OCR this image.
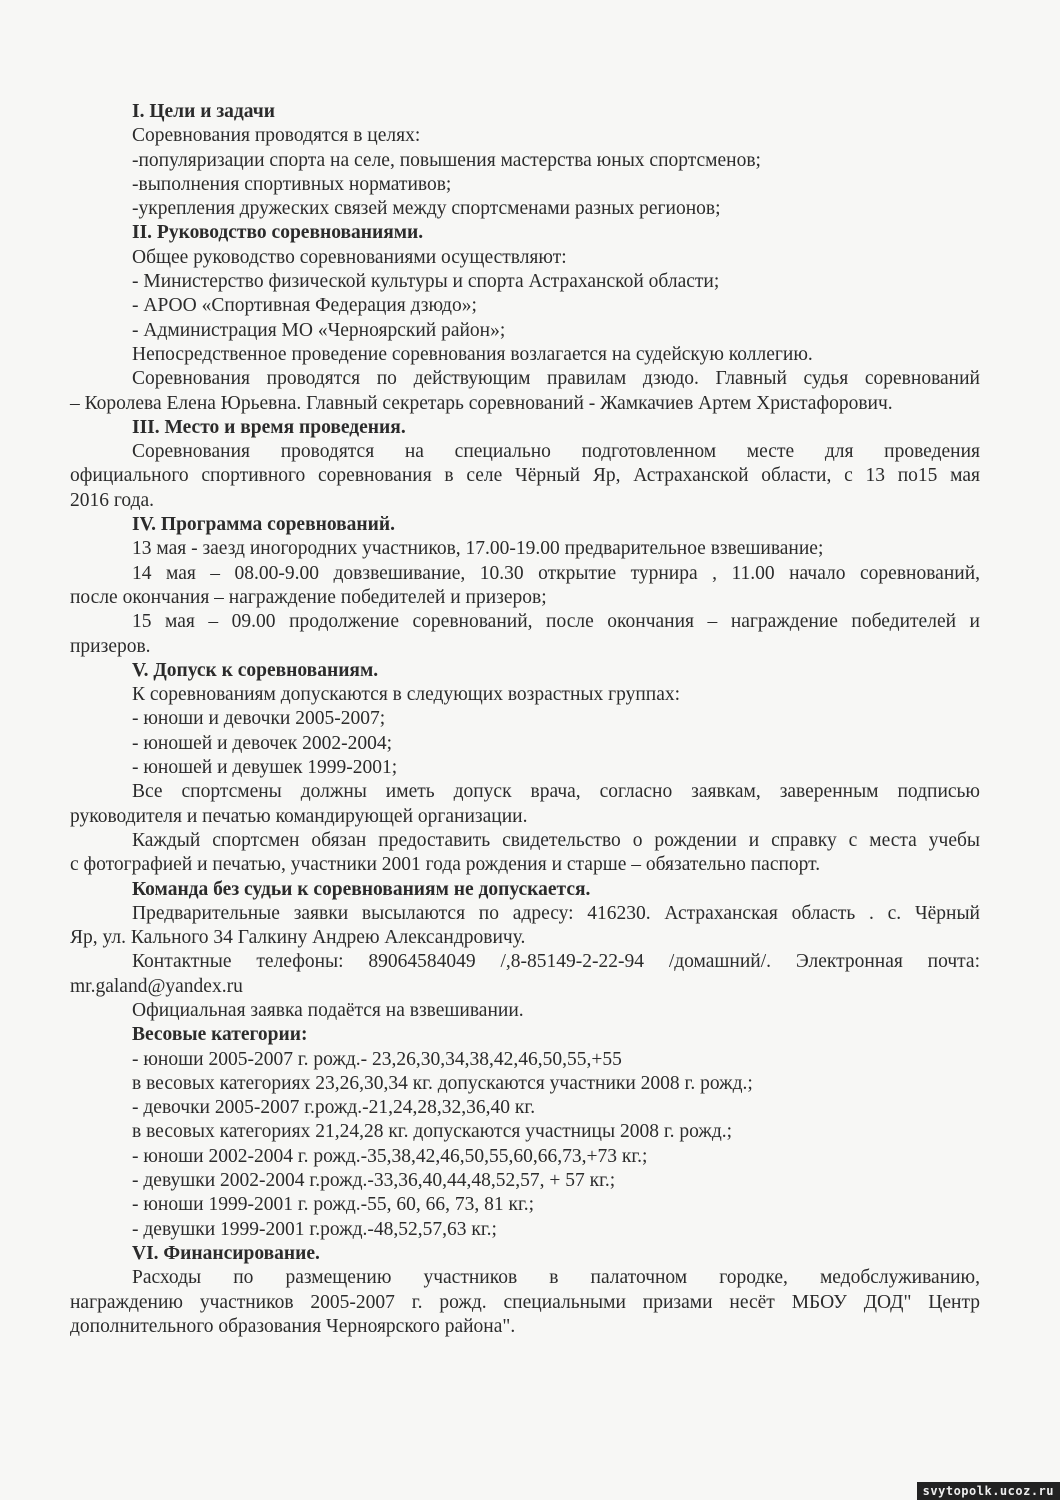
I. Цели и задачи
Соревнования проводятся в целях:
-популяризации спорта на селе, повышения мастерства юных спортсменов;
-выполнения спортивных нормативов;
-укрепления дружеских связей между спортсменами разных регионов;
II. Руководство соревнованиями.
Общее руководство соревнованиями осуществляют:
- Министерство физической культуры и спорта Астраханской области;
- АРОО «Спортивная Федерация дзюдо»;
- Администрация МО «Черноярский район»;
Непосредственное проведение соревнования возлагается на судейскую коллегию.
Соревнования проводятся по действующим правилам дзюдо. Главный судья соревнований
– Королева Елена Юрьевна. Главный секретарь соревнований - Жамкачиев Артем Христафорович.
III. Место и время проведения.
Соревнования проводятся на специально подготовленном месте для проведения
официального спортивного соревнования в селе Чёрный Яр, Астраханской области, с 13 по15 мая
2016 года.
IV. Программа соревнований.
13 мая - заезд иногородних участников, 17.00-19.00 предварительное взвешивание;
14 мая – 08.00-9.00 довзвешивание, 10.30 открытие турнира , 11.00 начало соревнований,
после окончания – награждение победителей и призеров;
15 мая – 09.00 продолжение соревнований, после окончания – награждение победителей и
призеров.
V. Допуск к соревнованиям.
К соревнованиям допускаются в следующих возрастных группах:
- юноши и девочки 2005-2007;
- юношей и девочек 2002-2004;
- юношей и девушек 1999-2001;
Все спортсмены должны иметь допуск врача, согласно заявкам, заверенным подписью
руководителя и печатью командирующей организации.
Каждый спортсмен обязан предоставить свидетельство о рождении и справку с места учебы
с фотографией и печатью, участники 2001 года рождения и старше – обязательно паспорт.
Команда без судьи к соревнованиям не допускается.
Предварительные заявки высылаются по адресу: 416230. Астраханская область . с. Чёрный
Яр, ул. Кального 34 Галкину Андрею Александровичу.
Контактные телефоны: 89064584049 /,8-85149-2-22-94 /домашний/. Электронная почта:
mr.galand@yandex.ru
Официальная заявка подаётся на взвешивании.
Весовые категории:
- юноши 2005-2007 г. рожд.- 23,26,30,34,38,42,46,50,55,+55
в весовых категориях 23,26,30,34 кг. допускаются участники 2008 г. рожд.;
- девочки 2005-2007 г.рожд.-21,24,28,32,36,40 кг.
в весовых категориях 21,24,28 кг. допускаются участницы 2008 г. рожд.;
- юноши 2002-2004 г. рожд.-35,38,42,46,50,55,60,66,73,+73 кг.;
- девушки 2002-2004 г.рожд.-33,36,40,44,48,52,57, + 57 кг.;
- юноши 1999-2001 г. рожд.-55, 60, 66, 73, 81 кг.;
- девушки 1999-2001 г.рожд.-48,52,57,63 кг.;
VI. Финансирование.
Расходы по размещению участников в палаточном городке, медобслуживанию,
награждению участников 2005-2007 г. рожд. специальными призами несёт МБОУ ДОД" Центр
дополнительного образования Черноярского района".
svytopolk.ucoz.ru
